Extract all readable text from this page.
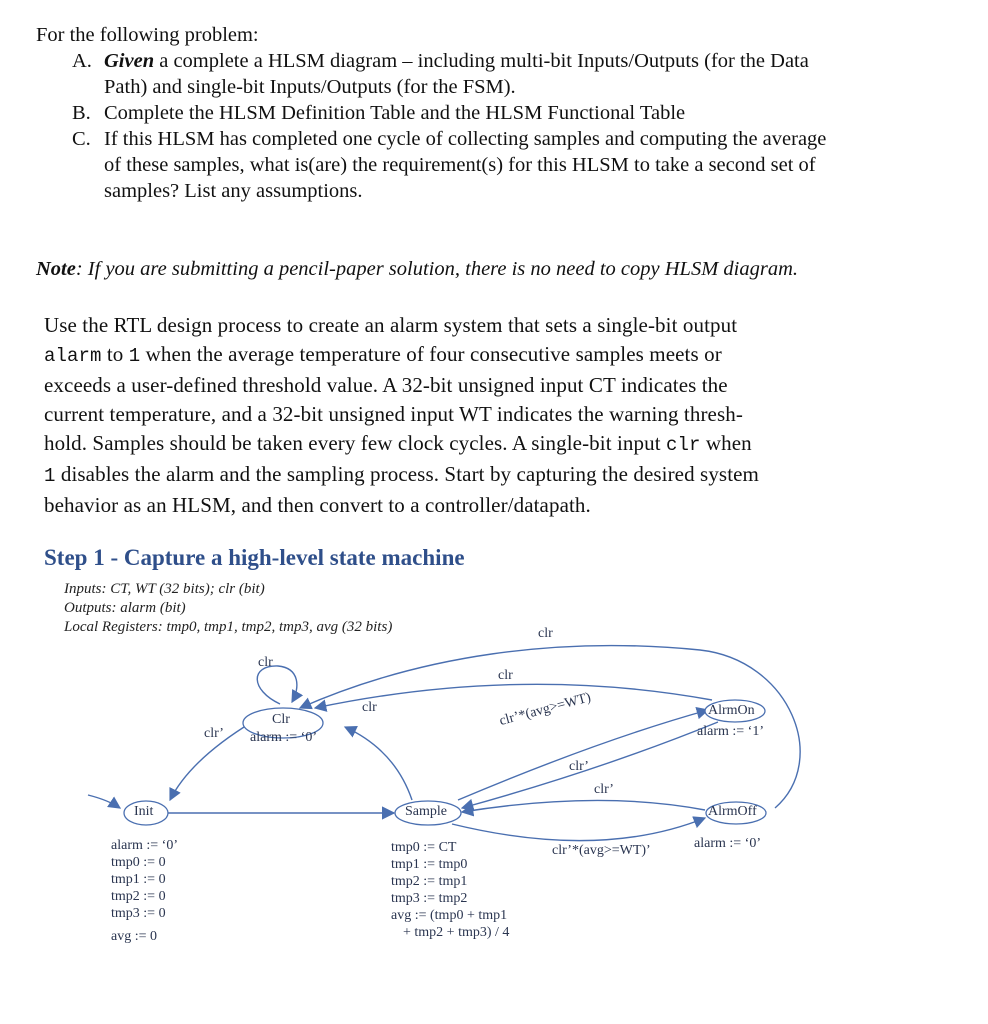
For the following problem:
A. Given a complete a HLSM diagram – including multi-bit Inputs/Outputs (for the Data
Path) and single-bit Inputs/Outputs (for the FSM).
B. Complete the HLSM Definition Table and the HLSM Functional Table
C. If this HLSM has completed one cycle of collecting samples and computing the average
of these samples, what is(are) the requirement(s) for this HLSM to take a second set of
samples? List any assumptions.
Note: If you are submitting a pencil-paper solution, there is no need to copy HLSM diagram.
Use the RTL design process to create an alarm system that sets a single-bit output
alarm to 1 when the average temperature of four consecutive samples meets or
exceeds a user-defined threshold value. A 32-bit unsigned input CT indicates the
current temperature, and a 32-bit unsigned input WT indicates the warning thresh-
hold. Samples should be taken every few clock cycles. A single-bit input clr when
1 disables the alarm and the sampling process. Start by capturing the desired system
behavior as an HLSM, and then convert to a controller/datapath.
Step 1 - Capture a high-level state machine
Inputs: CT, WT (32 bits); clr (bit)
Outputs: alarm (bit)
Local Registers: tmp0, tmp1, tmp2, tmp3, avg (32 bits)
Init
Clr
alarm := ‘0’
Sample
AlrmOn
alarm := ‘1’
AlrmOff
alarm := ‘0’
clr
clr
clr
clr
clr’
clr’*(avg>=WT)
clr’
clr’
clr’*(avg>=WT)’
alarm := ‘0’
tmp0 := 0
tmp1 := 0
tmp2 := 0
tmp3 := 0
avg := 0
tmp0 := CT
tmp1 := tmp0
tmp2 := tmp1
tmp3 := tmp2
avg := (tmp0 + tmp1
+ tmp2 + tmp3) / 4
